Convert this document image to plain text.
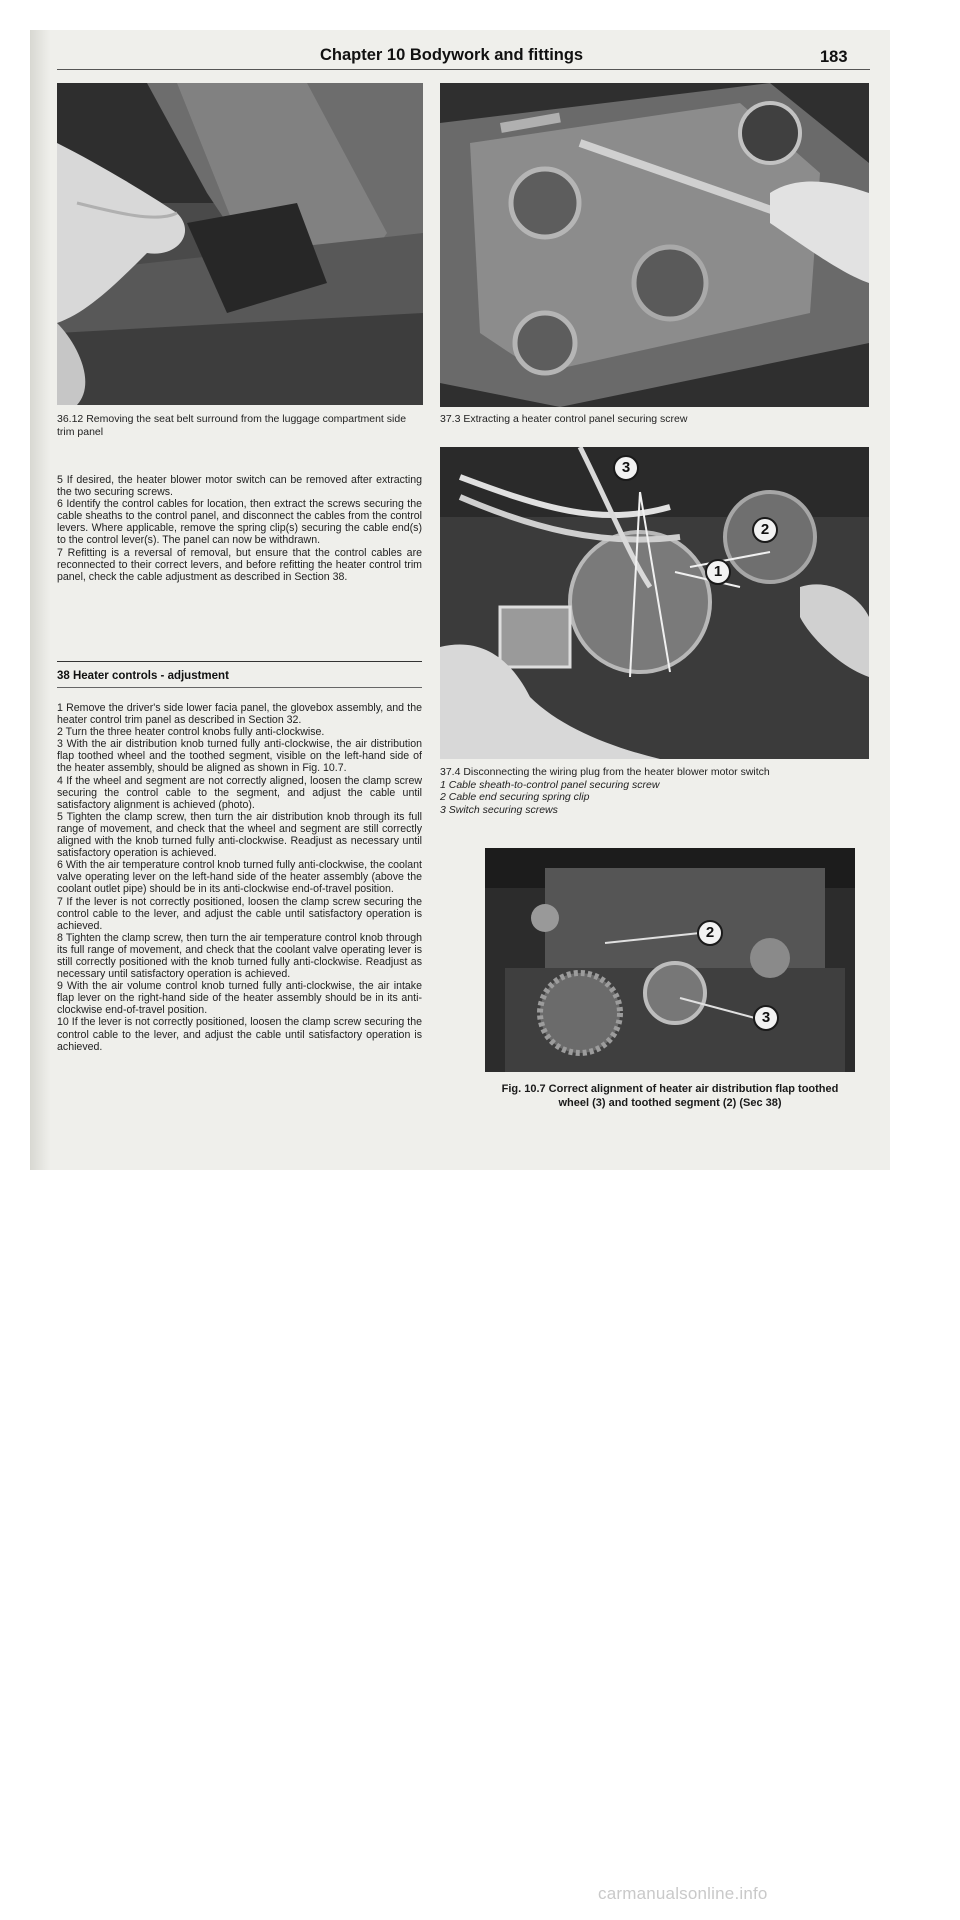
Chapter 10 Bodywork and fittings	183
36.12 Removing the seat belt surround from the luggage compartment side trim panel
37.3 Extracting a heater control panel securing screw

5 If desired, the heater blower motor switch can be removed after extracting the two securing screws.

6 Identify the control cables for location, then extract the screws securing the cable sheaths to the control panel, and disconnect the cables from the control levers. Where applicable, remove the spring clip(s) securing the cable end(s) to the control lever(s). The panel can now be withdrawn.

7 Refitting is a reversal of removal, but ensure that the control cables are reconnected to their correct levers, and before refitting the heater control trim panel, check the cable adjustment as described in Section 38.

38 Heater controls - adjustment

1 Remove the driver's side lower facia panel, the glovebox assembly, and the heater control trim panel as described in Section 32.

2 Turn the three heater control knobs fully anti-clockwise.

3 With the air distribution knob turned fully anti-clockwise, the air distribution flap toothed wheel and the toothed segment, visible on the left-hand side of the heater assembly, should be aligned as shown in Fig. 10.7.

4 If the wheel and segment are not correctly aligned, loosen the clamp screw securing the control cable to the segment, and adjust the cable until satisfactory alignment is achieved (photo).

5 Tighten the clamp screw, then turn the air distribution knob through its full range of movement, and check that the wheel and segment are still correctly aligned with the knob turned fully anti-clockwise. Readjust as necessary until satisfactory operation is achieved.

6 With the air temperature control knob turned fully anti-clockwise, the coolant valve operating lever on the left-hand side of the heater assembly (above the coolant outlet pipe) should be in its anti-clockwise end-of-travel position.

7 If the lever is not correctly positioned, loosen the clamp screw securing the control cable to the lever, and adjust the cable until satisfactory operation is achieved.

8 Tighten the clamp screw, then turn the air temperature control knob through its full range of movement, and check that the coolant valve operating lever is still correctly positioned with the knob turned fully anti-clockwise. Readjust as necessary until satisfactory operation is achieved.

9 With the air volume control knob turned fully anti-clockwise, the air intake flap lever on the right-hand side of the heater assembly should be in its anti-clockwise end-of-travel position.

10 If the lever is not correctly positioned, loosen the clamp screw securing the control cable to the lever, and adjust the cable until satisfactory operation is achieved.

3
2
1
37.4 Disconnecting the wiring plug from the heater blower motor switch
1 Cable sheath-to-control panel securing screw
2 Cable end securing spring clip
3 Switch securing screws
2
3
Fig. 10.7 Correct alignment of heater air distribution flap toothed
wheel (3) and toothed segment (2) (Sec 38)
carmanualsonline.info
